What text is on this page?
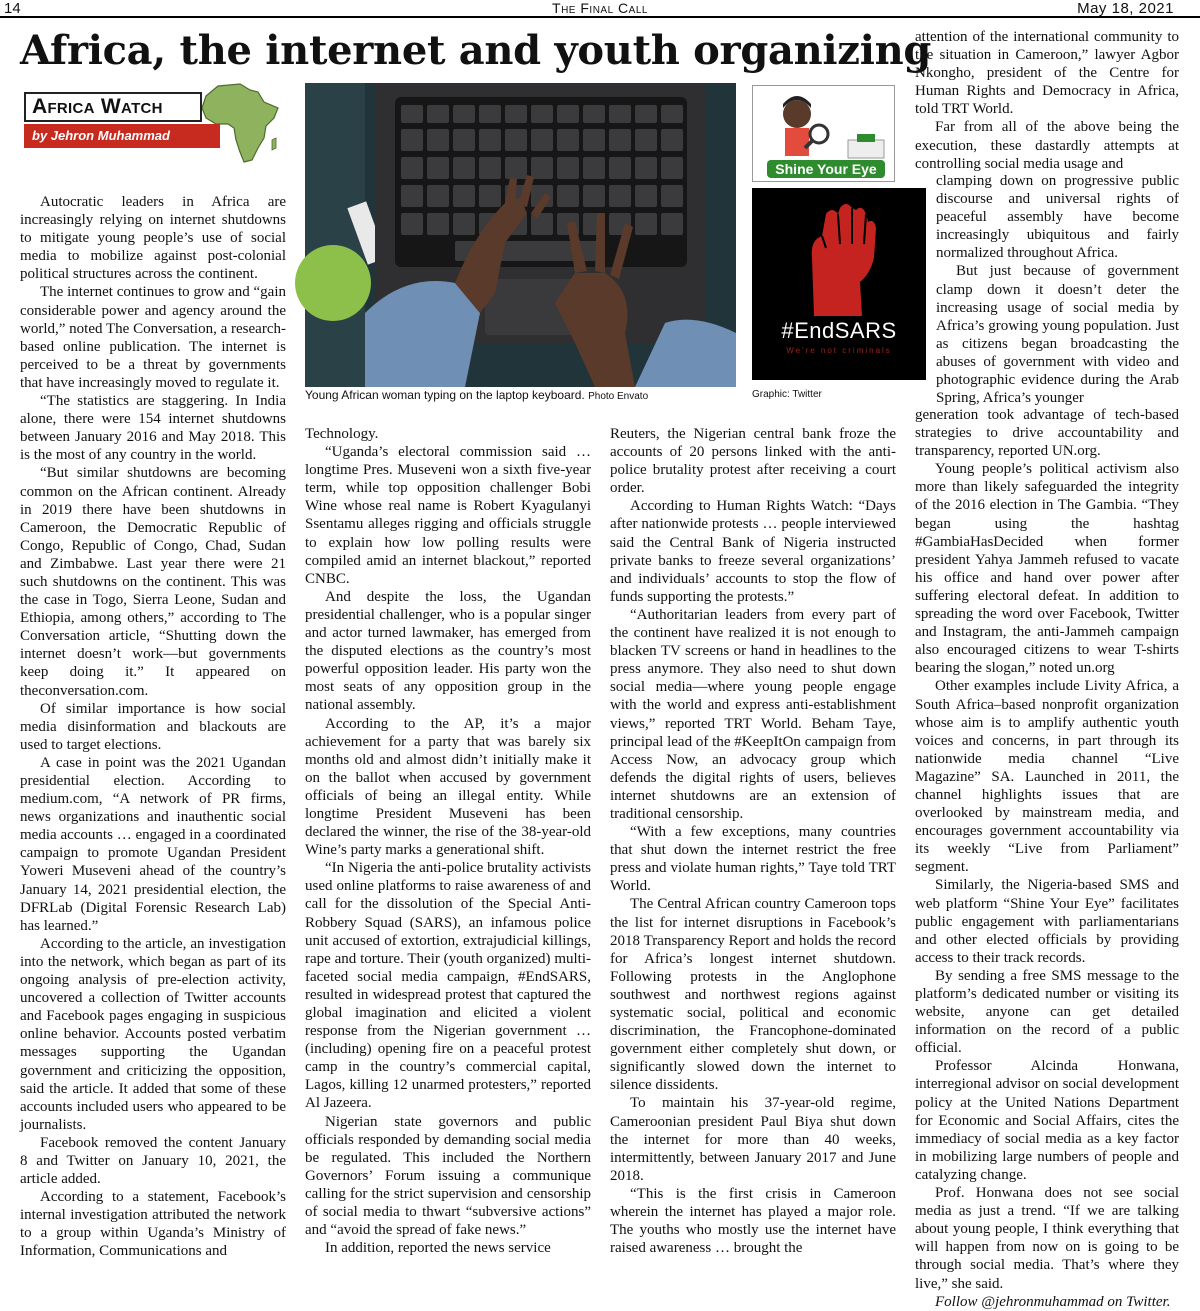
14	The Final Call	May 18, 2021
Africa, the internet and youth organizing
Africa Watch
by Jehron Muhammad
Young African woman typing on the laptop keyboard. Photo Envato
Shine Your Eye
#EndSARS
We're not criminals
Graphic: Twitter

Autocratic leaders in Africa are increasingly relying on internet shutdowns to mitigate young people’s use of social media to mobilize against post-colonial political structures across the continent.

The internet continues to grow and “gain considerable power and agency around the world,” noted The Conversation, a research-based online publication. The internet is perceived to be a threat by governments that have increasingly moved to regulate it.

“The statistics are staggering. In India alone, there were 154 internet shutdowns between January 2016 and May 2018. This is the most of any country in the world.

“But similar shutdowns are becoming common on the African continent. Already in 2019 there have been shutdowns in Cameroon, the Democratic Republic of Congo, Republic of Congo, Chad, Sudan and Zimbabwe. Last year there were 21 such shutdowns on the continent. This was the case in Togo, Sierra Leone, Sudan and Ethiopia, among others,” according to The Conversation article, “Shutting down the internet doesn’t work—but governments keep doing it.” It appeared on theconversation.com.

Of similar importance is how social media disinformation and blackouts are used to target elections.

A case in point was the 2021 Ugandan presidential election. According to medium.com, “A network of PR firms, news organizations and inauthentic social media accounts … engaged in a coordinated campaign to promote Ugandan President Yoweri Museveni ahead of the country’s January 14, 2021 presidential election, the DFRLab (Digital Forensic Research Lab) has learned.”

According to the article, an investigation into the network, which began as part of its ongoing analysis of pre-election activity, uncovered a collection of Twitter accounts and Facebook pages engaging in suspicious online behavior. Accounts posted verbatim messages supporting the Ugandan government and criticizing the opposition, said the article. It added that some of these accounts included users who appeared to be journalists.

Facebook removed the content January 8 and Twitter on January 10, 2021, the article added.

According to a statement, Facebook’s internal investigation attributed the network to a group within Uganda’s Ministry of Information, Communications and

Technology.

“Uganda’s electoral commission said … longtime Pres. Museveni won a sixth five-year term, while top opposition challenger Bobi Wine whose real name is Robert Kyagulanyi Ssentamu alleges rigging and officials struggle to explain how low polling results were compiled amid an internet blackout,” reported CNBC.

And despite the loss, the Ugandan presidential challenger, who is a popular singer and actor turned lawmaker, has emerged from the disputed elections as the country’s most powerful opposition leader. His party won the most seats of any opposition group in the national assembly.

According to the AP, it’s a major achievement for a party that was barely six months old and almost didn’t initially make it on the ballot when accused by government officials of being an illegal entity. While longtime President Museveni has been declared the winner, the rise of the 38-year-old Wine’s party marks a generational shift.

“In Nigeria the anti-police brutality activists used online platforms to raise awareness of and call for the dissolution of the Special Anti-Robbery Squad (SARS), an infamous police unit accused of extortion, extrajudicial killings, rape and torture. Their (youth organized) multi-faceted social media campaign, #EndSARS, resulted in widespread protest that captured the global imagination and elicited a violent response from the Nigerian government … (including) opening fire on a peaceful protest camp in the country’s commercial capital, Lagos, killing 12 unarmed protesters,” reported Al Jazeera.

Nigerian state governors and public officials responded by demanding social media be regulated. This included the Northern Governors’ Forum issuing a communique calling for the strict supervision and censorship of social media to thwart “subversive actions” and “avoid the spread of fake news.”

In addition, reported the news service

Reuters, the Nigerian central bank froze the accounts of 20 persons linked with the anti-police brutality protest after receiving a court order.

According to Human Rights Watch: “Days after nationwide protests … people interviewed said the Central Bank of Nigeria instructed private banks to freeze several organizations’ and individuals’ accounts to stop the flow of funds supporting the protests.”

“Authoritarian leaders from every part of the continent have realized it is not enough to blacken TV screens or hand in headlines to the press anymore. They also need to shut down social media—where young people engage with the world and express anti-establishment views,” reported TRT World. Beham Taye, principal lead of the #KeepItOn campaign from Access Now, an advocacy group which defends the digital rights of users, believes internet shutdowns are an extension of traditional censorship.

“With a few exceptions, many countries that shut down the internet restrict the free press and violate human rights,” Taye told TRT World.

The Central African country Cameroon tops the list for internet disruptions in Facebook’s 2018 Transparency Report and holds the record for Africa’s longest internet shutdown. Following protests in the Anglophone southwest and northwest regions against systematic social, political and economic discrimination, the Francophone-dominated government either completely shut down, or significantly slowed down the internet to silence dissidents.

To maintain his 37-year-old regime, Cameroonian president Paul Biya shut down the internet for more than 40 weeks, intermittently, between January 2017 and June 2018.

“This is the first crisis in Cameroon wherein the internet has played a major role. The youths who mostly use the internet have raised awareness … brought the

attention of the international community to the situation in Cameroon,” lawyer Agbor Nkongho, president of the Centre for Human Rights and Democracy in Africa, told TRT World.

Far from all of the above being the execution, these dastardly attempts at controlling social media usage and

clamping down on progressive public discourse and universal rights of peaceful assembly have become increasingly ubiquitous and fairly normalized throughout Africa.

But just because of government clamp down it doesn’t deter the increasing usage of social media by Africa’s growing young population. Just as citizens began broadcasting the abuses of government with video and photographic evidence during the Arab Spring, Africa’s younger

generation took advantage of tech-based strategies to drive accountability and transparency, reported UN.org.

Young people’s political activism also more than likely safeguarded the integrity of the 2016 election in The Gambia. “They began using the hashtag #GambiaHasDecided when former president Yahya Jammeh refused to vacate his office and hand over power after suffering electoral defeat. In addition to spreading the word over Facebook, Twitter and Instagram, the anti-Jammeh campaign also encouraged citizens to wear T-shirts bearing the slogan,” noted un.org

Other examples include Livity Africa, a South Africa–based nonprofit organization whose aim is to amplify authentic youth voices and concerns, in part through its nationwide media channel “Live Magazine” SA. Launched in 2011, the channel highlights issues that are overlooked by mainstream media, and encourages government accountability via its weekly “Live from Parliament” segment.

Similarly, the Nigeria-based SMS and web platform “Shine Your Eye” facilitates public engagement with parliamentarians and other elected officials by providing access to their track records.

By sending a free SMS message to the platform’s dedicated number or visiting its website, anyone can get detailed information on the record of a public official.

Professor Alcinda Honwana, interregional advisor on social development policy at the United Nations Department for Economic and Social Affairs, cites the immediacy of social media as a key factor in mobilizing large numbers of people and catalyzing change.

Prof. Honwana does not see social media as just a trend. “If we are talking about young people, I think everything that will happen from now on is going to be through social media. That’s where they live,” she said.

Follow @jehronmuhammad on Twitter.
